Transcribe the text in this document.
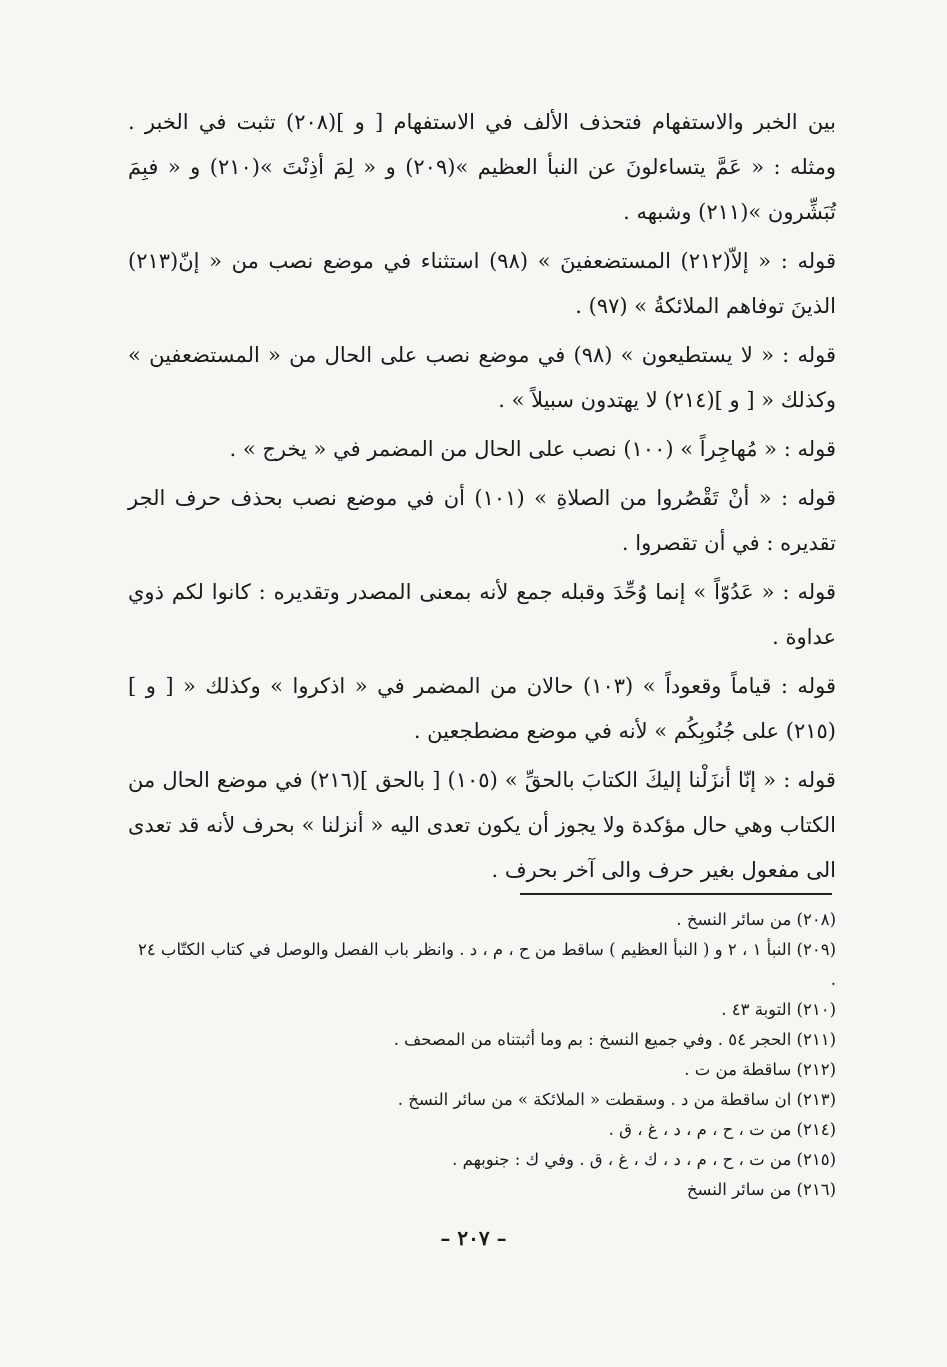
بين الخبر والاستفهام فتحذف الألف في الاستفهام [ و ](٢٠٨) تثبت في الخبر . ومثله : « عَمَّ يتساءلونَ عن النبأ العظيم »(٢٠٩) و « لِمَ أذِنْتَ »(٢١٠) و « فبِمَ تُبَشِّرون »(٢١١) وشبهه .

قوله : « إلاّ(٢١٢) المستضعفينَ » (٩٨) استثناء في موضع نصب من « إنّ(٢١٣) الذينَ توفاهم الملائكةُ » (٩٧) .

قوله : « لا يستطيعون » (٩٨) في موضع نصب على الحال من « المستضعفين » وكذلك « [ و ](٢١٤) لا يهتدون سبيلاً » .

قوله : « مُهاجِراً » (١٠٠) نصب على الحال من المضمر في « يخرج » .

قوله : « أنْ تَقْصُروا من الصلاةِ » (١٠١) أن في موضع نصب بحذف حرف الجر تقديره : في أن تقصروا .

قوله : « عَدُوّاً » إنما وُحِّدَ وقبله جمع لأنه بمعنى المصدر وتقديره : كانوا لكم ذوي عداوة .

قوله : قياماً وقعوداً » (١٠٣) حالان من المضمر في « اذكروا » وكذلك « [ و ](٢١٥) على جُنُوبِكُم » لأنه في موضع مضطجعين .

قوله : « إنّا أنزَلْنا إليكَ الكتابَ بالحقِّ » (١٠٥) [ بالحق ](٢١٦) في موضع الحال من الكتاب وهي حال مؤكدة ولا يجوز أن يكون تعدى اليه « أنزلنا » بحرف لأنه قد تعدى الى مفعول بغير حرف والى آخر بحرف .

(٢٠٨) من سائر النسخ .

(٢٠٩) النبأ ١ ، ٢ و ( النبأ العظيم ) ساقط من ح ، م ، د . وانظر باب الفصل والوصل في كتاب الكتّاب ٢٤ .

(٢١٠) التوبة ٤٣ .

(٢١١) الحجر ٥٤ . وفي جميع النسخ : بم وما أثبتناه من المصحف .

(٢١٢) ساقطة من ت .

(٢١٣) ان ساقطة من د . وسقطت « الملائكة » من سائر النسخ .

(٢١٤) من ت ، ح ، م ، د ، غ ، ق .

(٢١٥) من ت ، ح ، م ، د ، ك ، غ ، ق . وفي ك : جنوبهم .

(٢١٦) من سائر النسخ

– ٢٠٧ –
